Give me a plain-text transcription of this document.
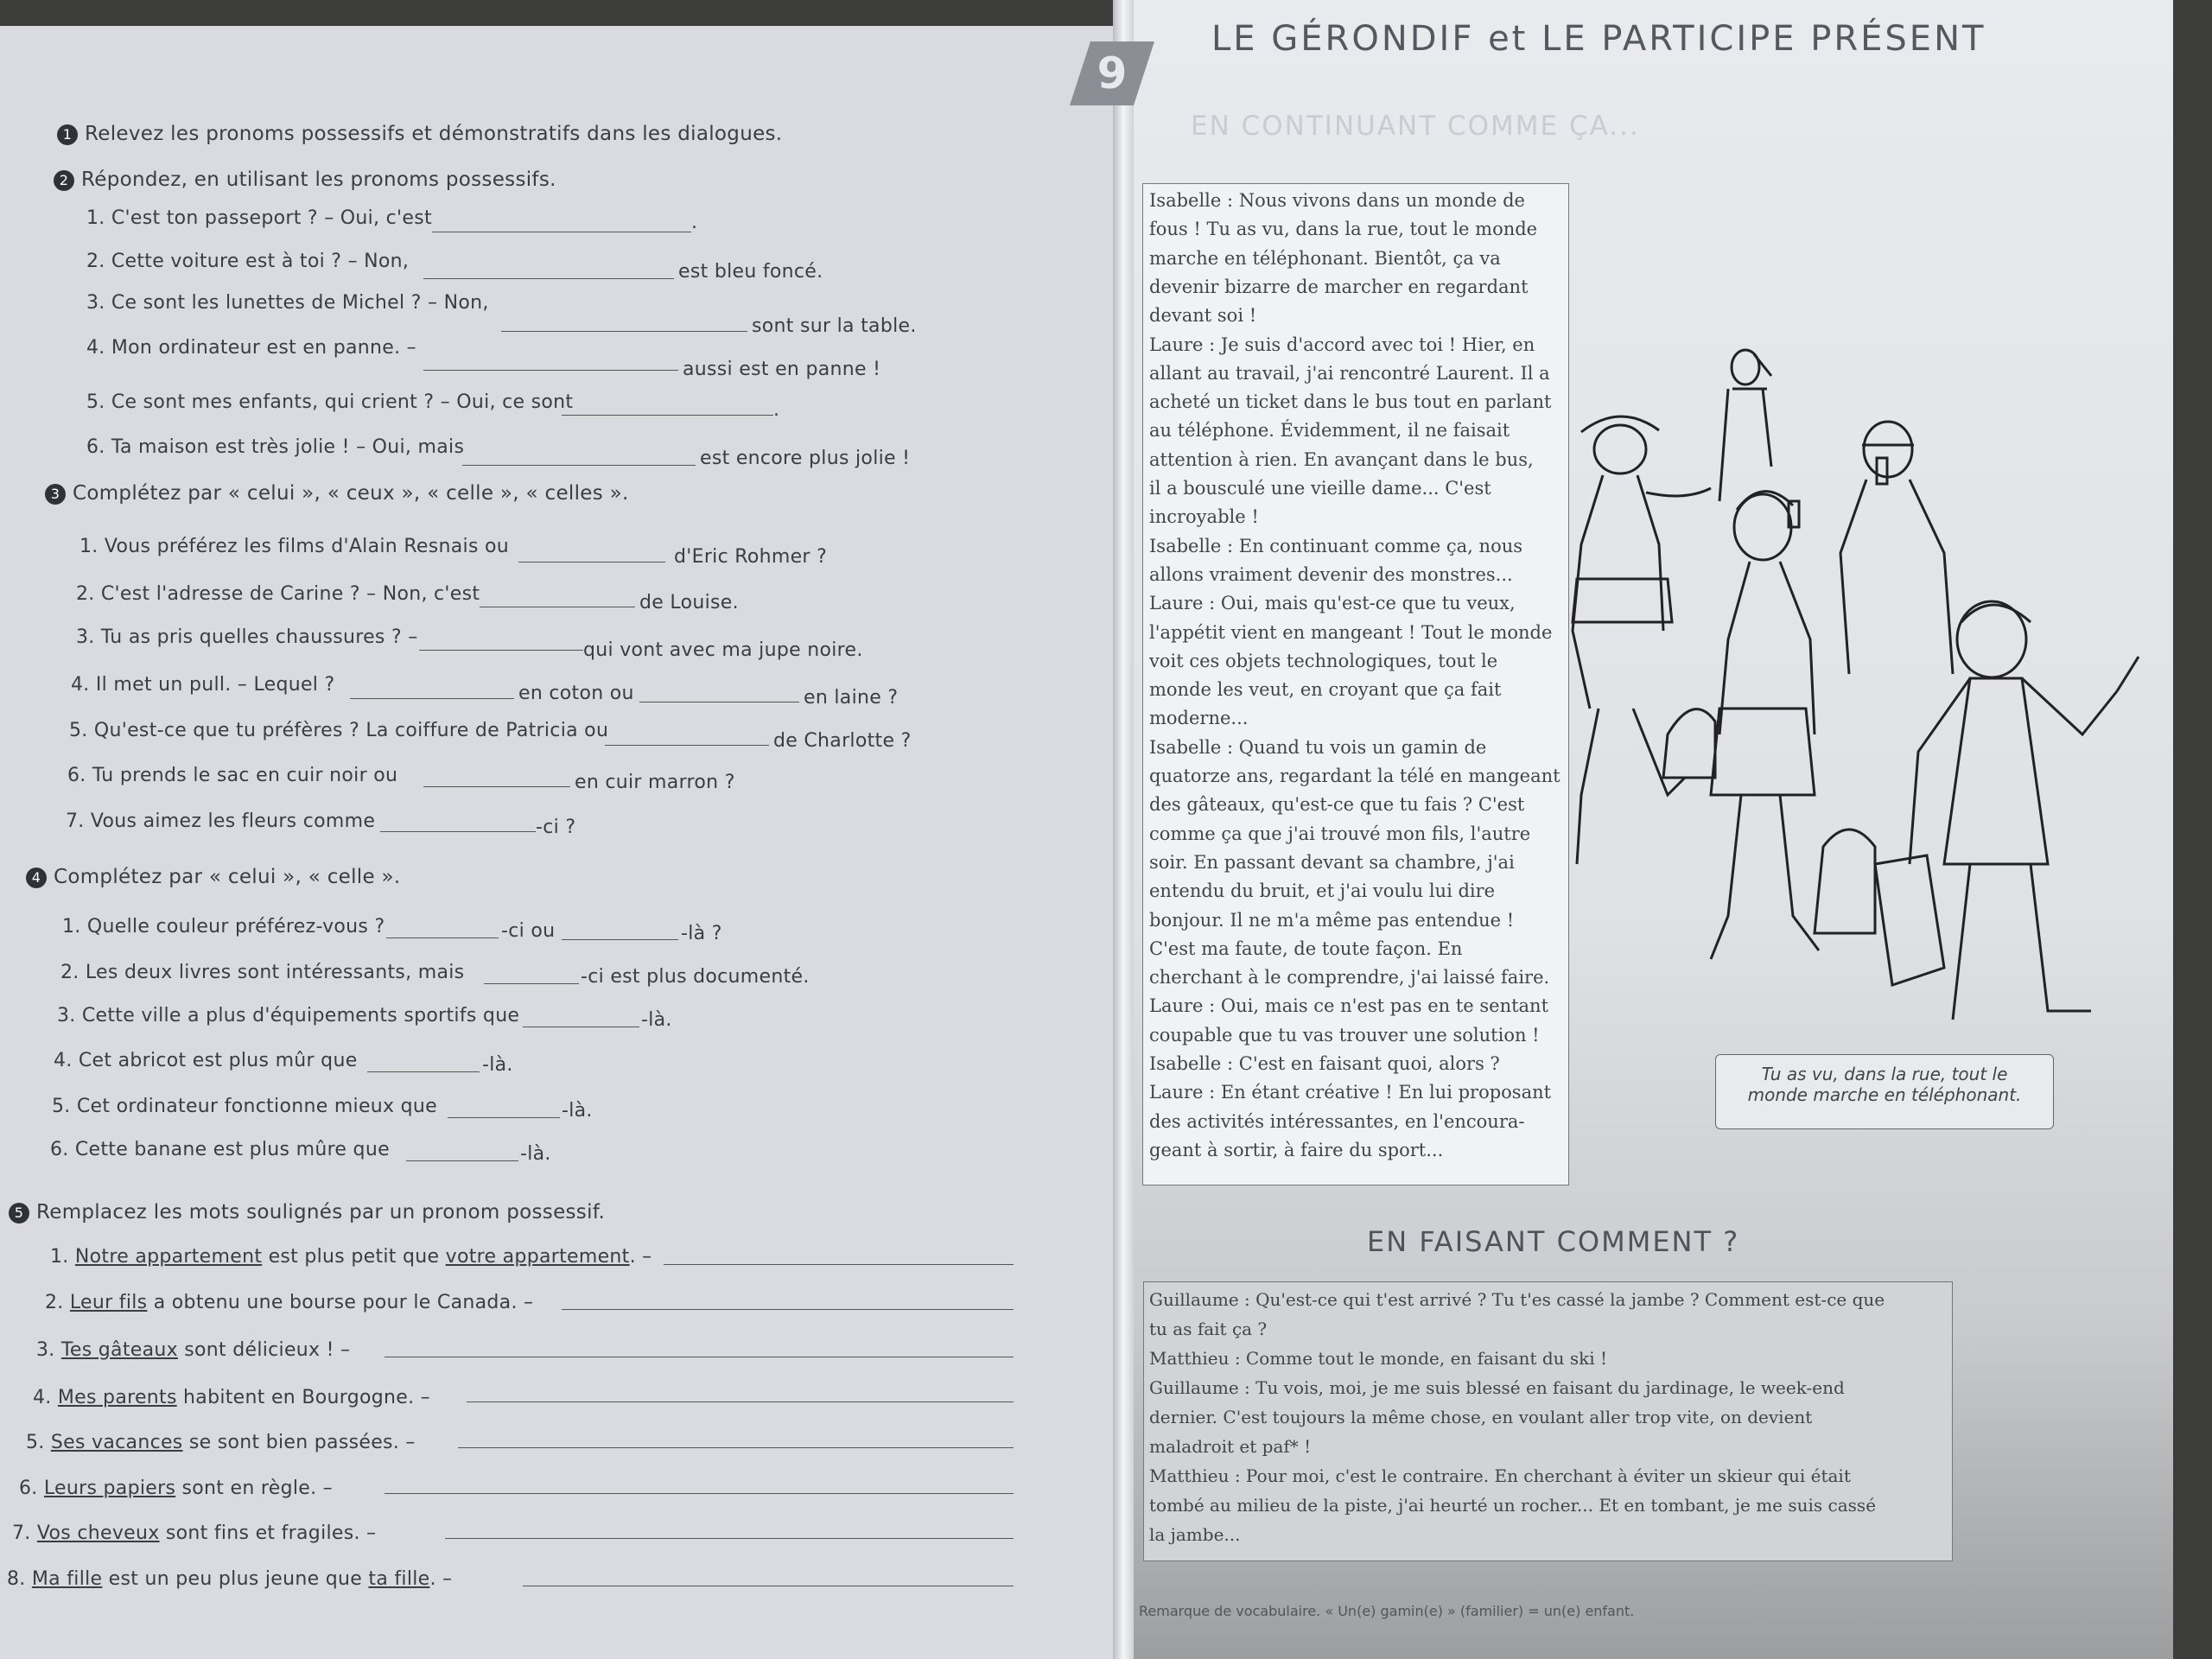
1 Relevez les pronoms possessifs et démonstratifs dans les dialogues.
2 Répondez, en utilisant les pronoms possessifs.
1. C'est ton passeport ? – Oui, c'est	.
2. Cette voiture est à toi ? – Non,	est bleu foncé.
3. Ce sont les lunettes de Michel ? – Non,
sont sur la table.
4. Mon ordinateur est en panne. –
aussi est en panne !
5. Ce sont mes enfants, qui crient ? – Oui, ce sont	.
6. Ta maison est très jolie ! – Oui, mais
est encore plus jolie !
3 Complétez par « celui », « ceux », « celle », « celles ».
1. Vous préférez les films d'Alain Resnais ou	d'Eric Rohmer ?
2. C'est l'adresse de Carine ? – Non, c'est	de Louise.
3. Tu as pris quelles chaussures ? –
qui vont avec ma jupe noire.
4. Il met un pull. – Lequel ?	en coton ou	en laine ?
5. Qu'est-ce que tu préfères ? La coiffure de Patricia ou	de Charlotte ?
6. Tu prends le sac en cuir noir ou	en cuir marron ?
7. Vous aimez les fleurs comme	-ci ?
4 Complétez par « celui », « celle ».
1. Quelle couleur préférez-vous ?	-ci ou	-là ?
2. Les deux livres sont intéressants, mais	-ci est plus documenté.
3. Cette ville a plus d'équipements sportifs que	-là.
4. Cet abricot est plus mûr que	-là.
5. Cet ordinateur fonctionne mieux que	-là.
6. Cette banane est plus mûre que	-là.
5 Remplacez les mots soulignés par un pronom possessif.
1. Notre appartement est plus petit que votre appartement. –
2. Leur fils a obtenu une bourse pour le Canada. –
3. Tes gâteaux sont délicieux ! –
4. Mes parents habitent en Bourgogne. –
5. Ses vacances se sont bien passées. –
6. Leurs papiers sont en règle. –
7. Vos cheveux sont fins et fragiles. –
8. Ma fille est un peu plus jeune que ta fille. –
9
LE GÉRONDIF et LE PARTICIPE PRÉSENT
EN CONTINUANT COMME ÇA...
Isabelle : Nous vivons dans un monde de
fous ! Tu as vu, dans la rue, tout le monde
marche en téléphonant. Bientôt, ça va
devenir bizarre de marcher en regardant
devant soi !
Laure : Je suis d'accord avec toi ! Hier, en
allant au travail, j'ai rencontré Laurent. Il a
acheté un ticket dans le bus tout en parlant
au téléphone. Évidemment, il ne faisait
attention à rien. En avançant dans le bus,
il a bousculé une vieille dame... C'est
incroyable !
Isabelle : En continuant comme ça, nous
allons vraiment devenir des monstres...
Laure : Oui, mais qu'est-ce que tu veux,
l'appétit vient en mangeant ! Tout le monde
voit ces objets technologiques, tout le
monde les veut, en croyant que ça fait
moderne...
Isabelle : Quand tu vois un gamin de
quatorze ans, regardant la télé en mangeant
des gâteaux, qu'est-ce que tu fais ? C'est
comme ça que j'ai trouvé mon fils, l'autre
soir. En passant devant sa chambre, j'ai
entendu du bruit, et j'ai voulu lui dire
bonjour. Il ne m'a même pas entendue !
C'est ma faute, de toute façon. En
cherchant à le comprendre, j'ai laissé faire.
Laure : Oui, mais ce n'est pas en te sentant
coupable que tu vas trouver une solution !
Isabelle : C'est en faisant quoi, alors ?
Laure : En étant créative ! En lui proposant
des activités intéressantes, en l'encoura-
geant à sortir, à faire du sport...
Tu as vu, dans la rue, tout le
monde marche en téléphonant.
EN FAISANT COMMENT ?
Guillaume : Qu'est-ce qui t'est arrivé ? Tu t'es cassé la jambe ? Comment est-ce que
tu as fait ça ?
Matthieu : Comme tout le monde, en faisant du ski !
Guillaume : Tu vois, moi, je me suis blessé en faisant du jardinage, le week-end
dernier. C'est toujours la même chose, en voulant aller trop vite, on devient
maladroit et paf* !
Matthieu : Pour moi, c'est le contraire. En cherchant à éviter un skieur qui était
tombé au milieu de la piste, j'ai heurté un rocher... Et en tombant, je me suis cassé
la jambe...
Remarque de vocabulaire. « Un(e) gamin(e) » (familier) = un(e) enfant.
